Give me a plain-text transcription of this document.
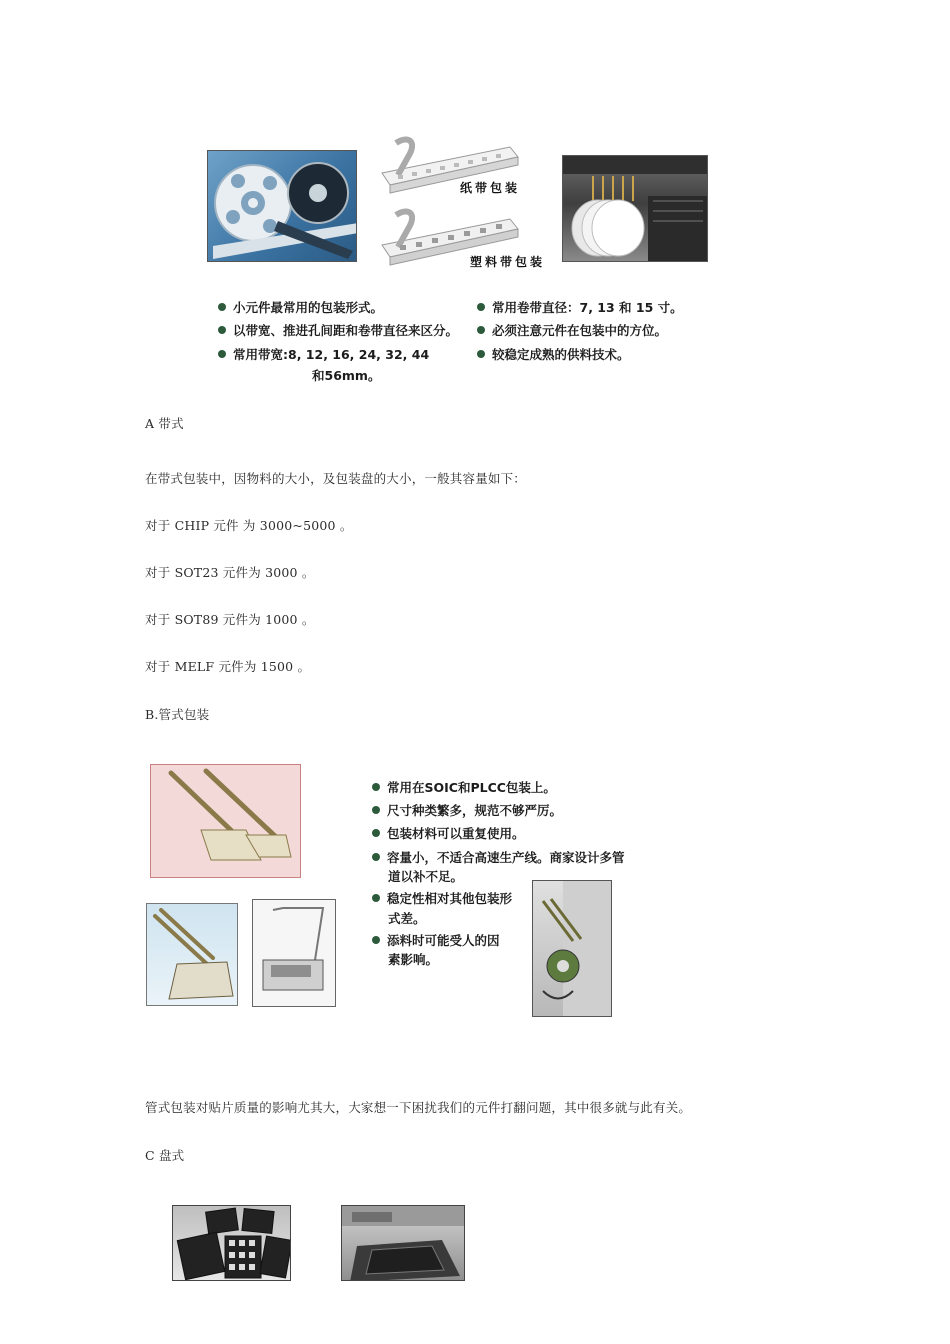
纸带包装
塑料带包装
小元件最常用的包装形式。
以带宽、推进孔间距和卷带直径来区分。
常用带宽:8, 12, 16, 24, 32, 44
和56mm。
常用卷带直径：7, 13 和 15 寸。
必须注意元件在包装中的方位。
较稳定成熟的供料技术。
A 带式
在带式包装中，因物料的大小，及包装盘的大小，一般其容量如下：
对于 CHIP 元件 为 3000~5000 。
对于 SOT23 元件为 3000 。
对于 SOT89 元件为 1000 。
对于 MELF 元件为 1500 。
B.管式包装
常用在SOIC和PLCC包装上。
尺寸种类繁多，规范不够严厉。
包装材料可以重复使用。
容量小，不适合高速生产线。商家设计多管
道以补不足。
稳定性相对其他包装形
式差。
添料时可能受人的因
素影响。
管式包装对贴片质量的影响尤其大，大家想一下困扰我们的元件打翻问题，其中很多就与此有关。
C 盘式
